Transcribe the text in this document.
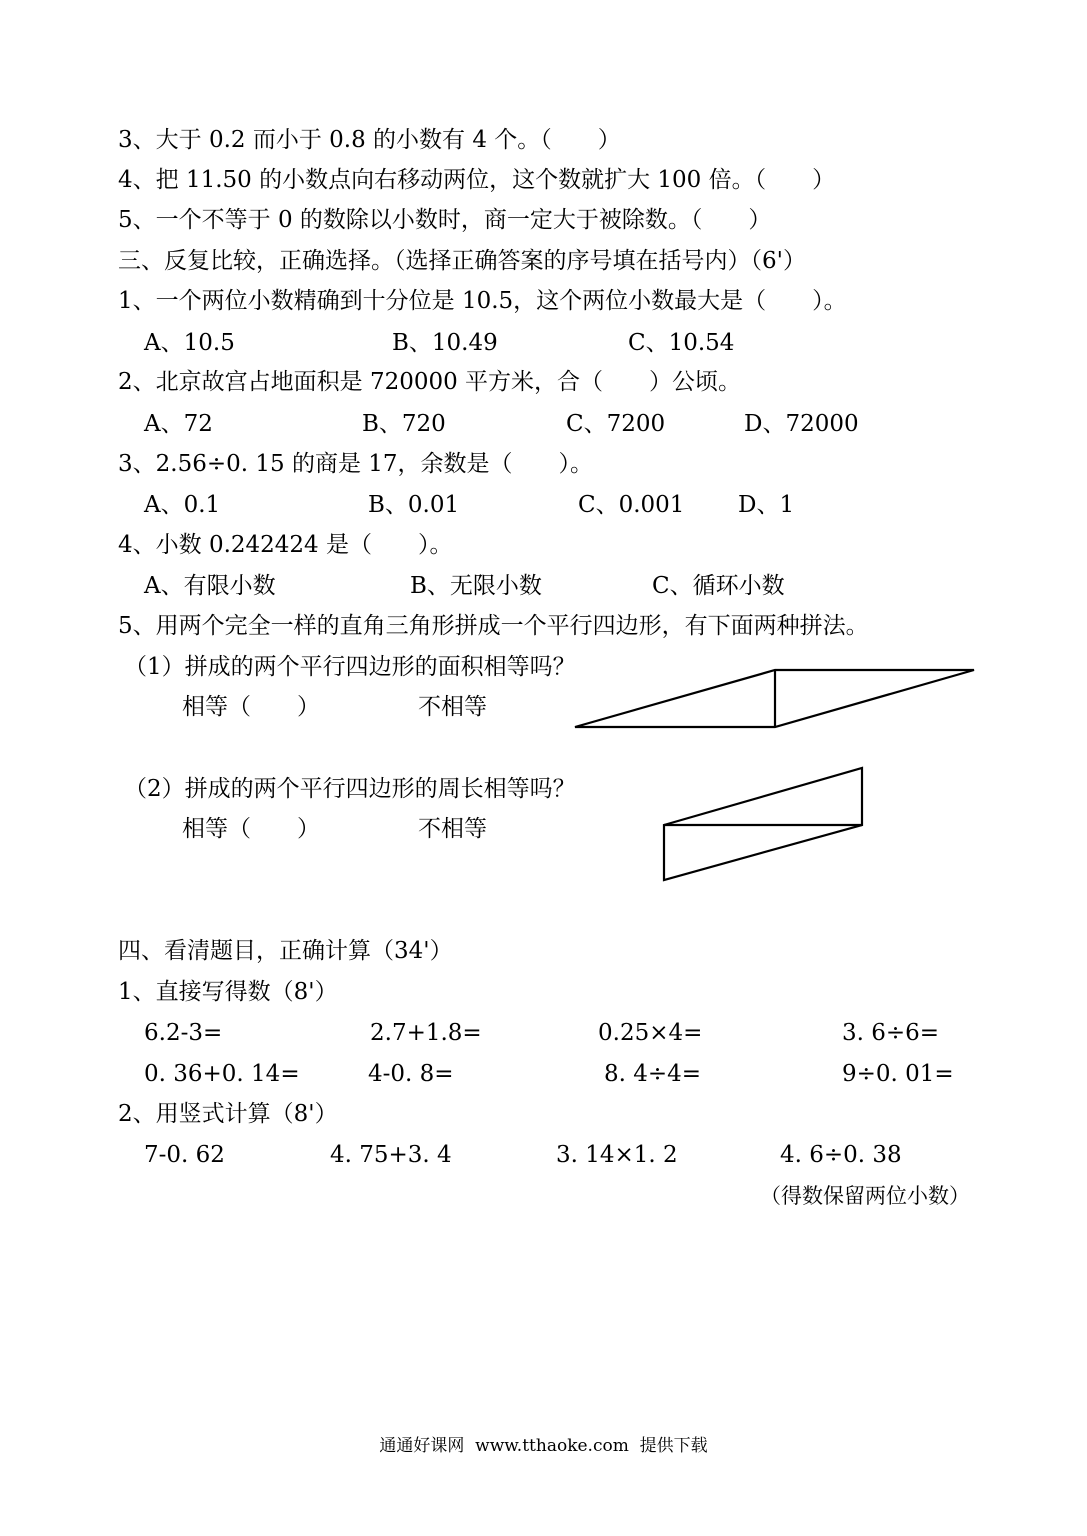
3、大于 0.2 而小于 0.8 的小数有 4 个。（　　）
4、把 11.50 的小数点向右移动两位，这个数就扩大 100 倍。（　　）
5、一个不等于 0 的数除以小数时，商一定大于被除数。（　　）
三、反复比较，正确选择。（选择正确答案的序号填在括号内）（6'）
1、一个两位小数精确到十分位是 10.5，这个两位小数最大是（　　）。
A、10.5	B、10.49	C、10.54
2、北京故宫占地面积是 720000 平方米，合（　　）公顷。
A、72	B、720	C、7200	D、72000
3、2.56÷0. 15 的商是 17，余数是（　　）。
A、0.1	B、0.01	C、0.001 D、1
4、小数 0.242424 是（　　）。
A、有限小数	B、无限小数	C、循环小数
5、用两个完全一样的直角三角形拼成一个平行四边形，有下面两种拼法。
（1）拼成的两个平行四边形的面积相等吗？
相等（　　）	不相等
（2）拼成的两个平行四边形的周长相等吗？
相等（　　）	不相等
四、看清题目，正确计算（34'）
1、直接写得数（8'）
6.2-3=	2.7+1.8=	0.25×4=	3. 6÷6=
0. 36+0. 14=	4-0. 8=	8. 4÷4=	9÷0. 01=
2、用竖式计算（8'）
7-0. 62	4. 75+3. 4	3. 14×1. 2	4. 6÷0. 38
（得数保留两位小数）
通通好课网  www.tthaoke.com  提供下载
